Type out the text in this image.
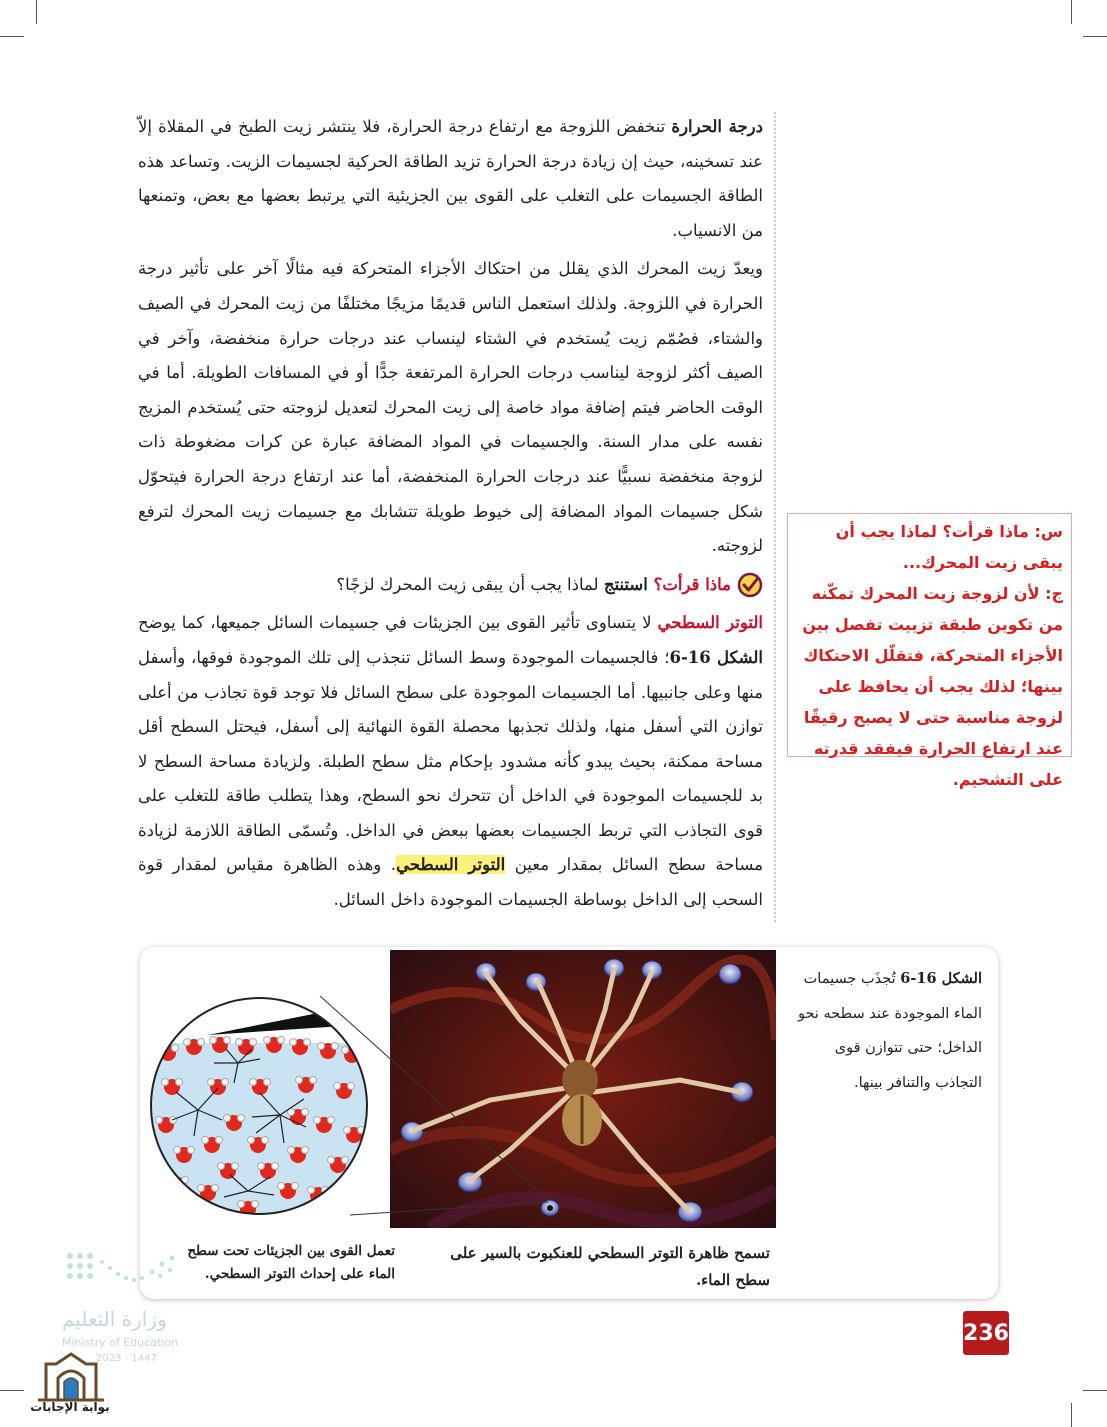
درجة الحرارة تنخفض اللزوجة مع ارتفاع درجة الحرارة، فلا ينتشر زيت الطبخ في المقلاة إلاّ عند تسخينه، حيث إن زيادة درجة الحرارة تزيد الطاقة الحركية لجسيمات الزيت. وتساعد هذه الطاقة الجسيمات على التغلب على القوى بين الجزيئية التي يرتبط بعضها مع بعض، وتمنعها من الانسياب.

ويعدّ زيت المحرك الذي يقلل من احتكاك الأجزاء المتحركة فيه مثالًا آخر على تأثير درجة الحرارة في اللزوجة. ولذلك استعمل الناس قديمًا مزيجًا مختلفًا من زيت المحرك في الصيف والشتاء، فصُمّم زيت يُستخدم في الشتاء لينساب عند درجات حرارة منخفضة، وآخر في الصيف أكثر لزوجة ليناسب درجات الحرارة المرتفعة جدًّا أو في المسافات الطويلة. أما في الوقت الحاضر فيتم إضافة مواد خاصة إلى زيت المحرك لتعديل لزوجته حتى يُستخدم المزيج نفسه على مدار السنة. والجسيمات في المواد المضافة عبارة عن كرات مضغوطة ذات لزوجة منخفضة نسبيًّا عند درجات الحرارة المنخفضة، أما عند ارتفاع درجة الحرارة فيتحوّل شكل جسيمات المواد المضافة إلى خيوط طويلة تتشابك مع جسيمات زيت المحرك لترفع لزوجته.

ماذا قرأت؟ استنتج لماذا يجب أن يبقى زيت المحرك لزجًا؟

التوتر السطحي لا يتساوى تأثير القوى بين الجزيئات في جسيمات السائل جميعها، كما يوضح الشكل 16-6؛ فالجسيمات الموجودة وسط السائل تنجذب إلى تلك الموجودة فوقها، وأسفل منها وعلى جانبيها. أما الجسيمات الموجودة على سطح السائل فلا توجد قوة تجاذب من أعلى توازن التي أسفل منها، ولذلك تجذبها محصلة القوة النهائية إلى أسفل، فيحتل السطح أقل مساحة ممكنة، بحيث يبدو كأنه مشدود بإحكام مثل سطح الطبلة. ولزيادة مساحة السطح لا بد للجسيمات الموجودة في الداخل أن تتحرك نحو السطح، وهذا يتطلب طاقة للتغلب على قوى التجاذب التي تربط الجسيمات بعضها ببعض في الداخل. وتُسمّى الطاقة اللازمة لزيادة مساحة سطح السائل بمقدار معين التوتر السطحي. وهذه الظاهرة مقياس لمقدار قوة السحب إلى الداخل بوساطة الجسيمات الموجودة داخل السائل.

س: ماذا قرأت؟ لماذا يجب أن يبقى زيت المحرك...

ج: لأن لزوجة زيت المحرك تمكّنه من تكوين طبقة تزييت تفصل بين الأجزاء المتحركة، فتقلّل الاحتكاك بينها؛ لذلك يجب أن يحافظ على لزوجة مناسبة حتى لا يصبح رقيقًا عند ارتفاع الحرارة فيفقد قدرته على التشحيم.

الشكل 16-6 تُجذَب جسيمات الماء الموجودة عند سطحه نحو الداخل؛ حتى تتوازن قوى التجاذب والتنافر بينها.
تسمح ظاهرة التوتر السطحي للعنكبوت بالسير على سطح الماء.
تعمل القوى بين الجزيئات تحت سطح الماء على إحداث التوتر السطحي.
236
وزارة التعليم
Ministry of Education
2023 - 1447
بوابة الإجابات
